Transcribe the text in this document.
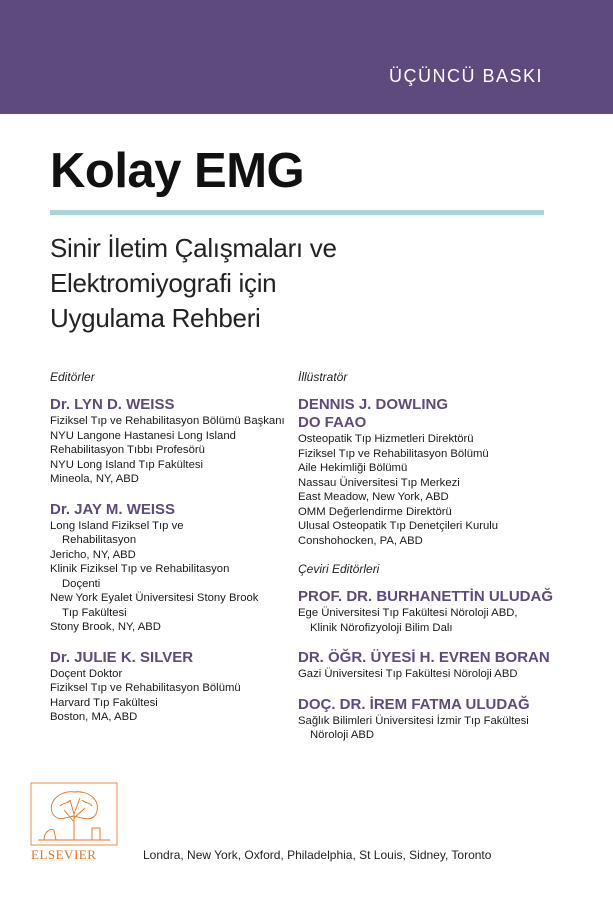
ÜÇÜNCÜ BASKI
Kolay EMG
Sinir İletim Çalışmaları ve
Elektromiyografi için
Uygulama Rehberi
Editörler
Dr. LYN D. WEISS
Fiziksel Tıp ve Rehabilitasyon Bölümü Başkanı
NYU Langone Hastanesi Long Island
Rehabilitasyon Tıbbı Profesörü
NYU Long Island Tıp Fakültesi
Mineola, NY, ABD
Dr. JAY M. WEISS
Long Island Fiziksel Tıp ve
Rehabilitasyon
Jericho, NY, ABD
Klinik Fiziksel Tıp ve Rehabilitasyon
Doçenti
New York Eyalet Üniversitesi Stony Brook
Tıp Fakültesi
Stony Brook, NY, ABD
Dr. JULIE K. SILVER
Doçent Doktor
Fiziksel Tıp ve Rehabilitasyon Bölümü
Harvard Tıp Fakültesi
Boston, MA, ABD
İllüstratör
DENNIS J. DOWLING
DO FAAO
Osteopatik Tıp Hizmetleri Direktörü
Fiziksel Tıp ve Rehabilitasyon Bölümü
Aile Hekimliği Bölümü
Nassau Üniversitesi Tıp Merkezi
East Meadow, New York, ABD
OMM Değerlendirme Direktörü
Ulusal Osteopatik Tıp Denetçileri Kurulu
Conshohocken, PA, ABD
Çeviri Editörleri
PROF. DR. BURHANETTİN ULUDAĞ
Ege Üniversitesi Tıp Fakültesi Nöroloji ABD,
Klinik Nörofizyoloji Bilim Dalı
DR. ÖĞR. ÜYESİ H. EVREN BORAN
Gazi Üniversitesi Tıp Fakültesi Nöroloji ABD
DOÇ. DR. İREM FATMA ULUDAĞ
Sağlık Bilimleri Üniversitesi İzmir Tıp Fakültesi
Nöroloji ABD
ELSEVIER	Londra, New York, Oxford, Philadelphia, St Louis, Sidney, Toronto
